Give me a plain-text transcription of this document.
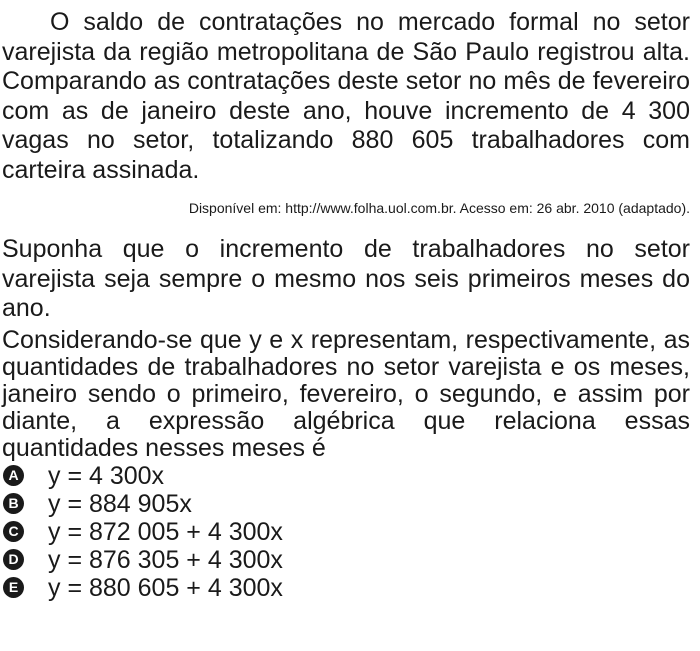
O saldo de contratações no mercado formal no setor varejista da região metropolitana de São Paulo registrou alta. Comparando as contratações deste setor no mês de fevereiro com as de janeiro deste ano, houve incremento de 4 300 vagas no setor, totalizando 880 605 trabalhadores com carteira assinada.

Disponível em: http://www.folha.uol.com.br. Acesso em: 26 abr. 2010 (adaptado).

Suponha que o incremento de trabalhadores no setor varejista seja sempre o mesmo nos seis primeiros meses do ano.

Considerando-se que y e x representam, respectivamente, as quantidades de trabalhadores no setor varejista e os meses, janeiro sendo o primeiro, fevereiro, o segundo, e assim por diante, a expressão algébrica que relaciona essas quantidades nesses meses é

A y = 4 300x
B y = 884 905x
C y = 872 005 + 4 300x
D y = 876 305 + 4 300x
E y = 880 605 + 4 300x
